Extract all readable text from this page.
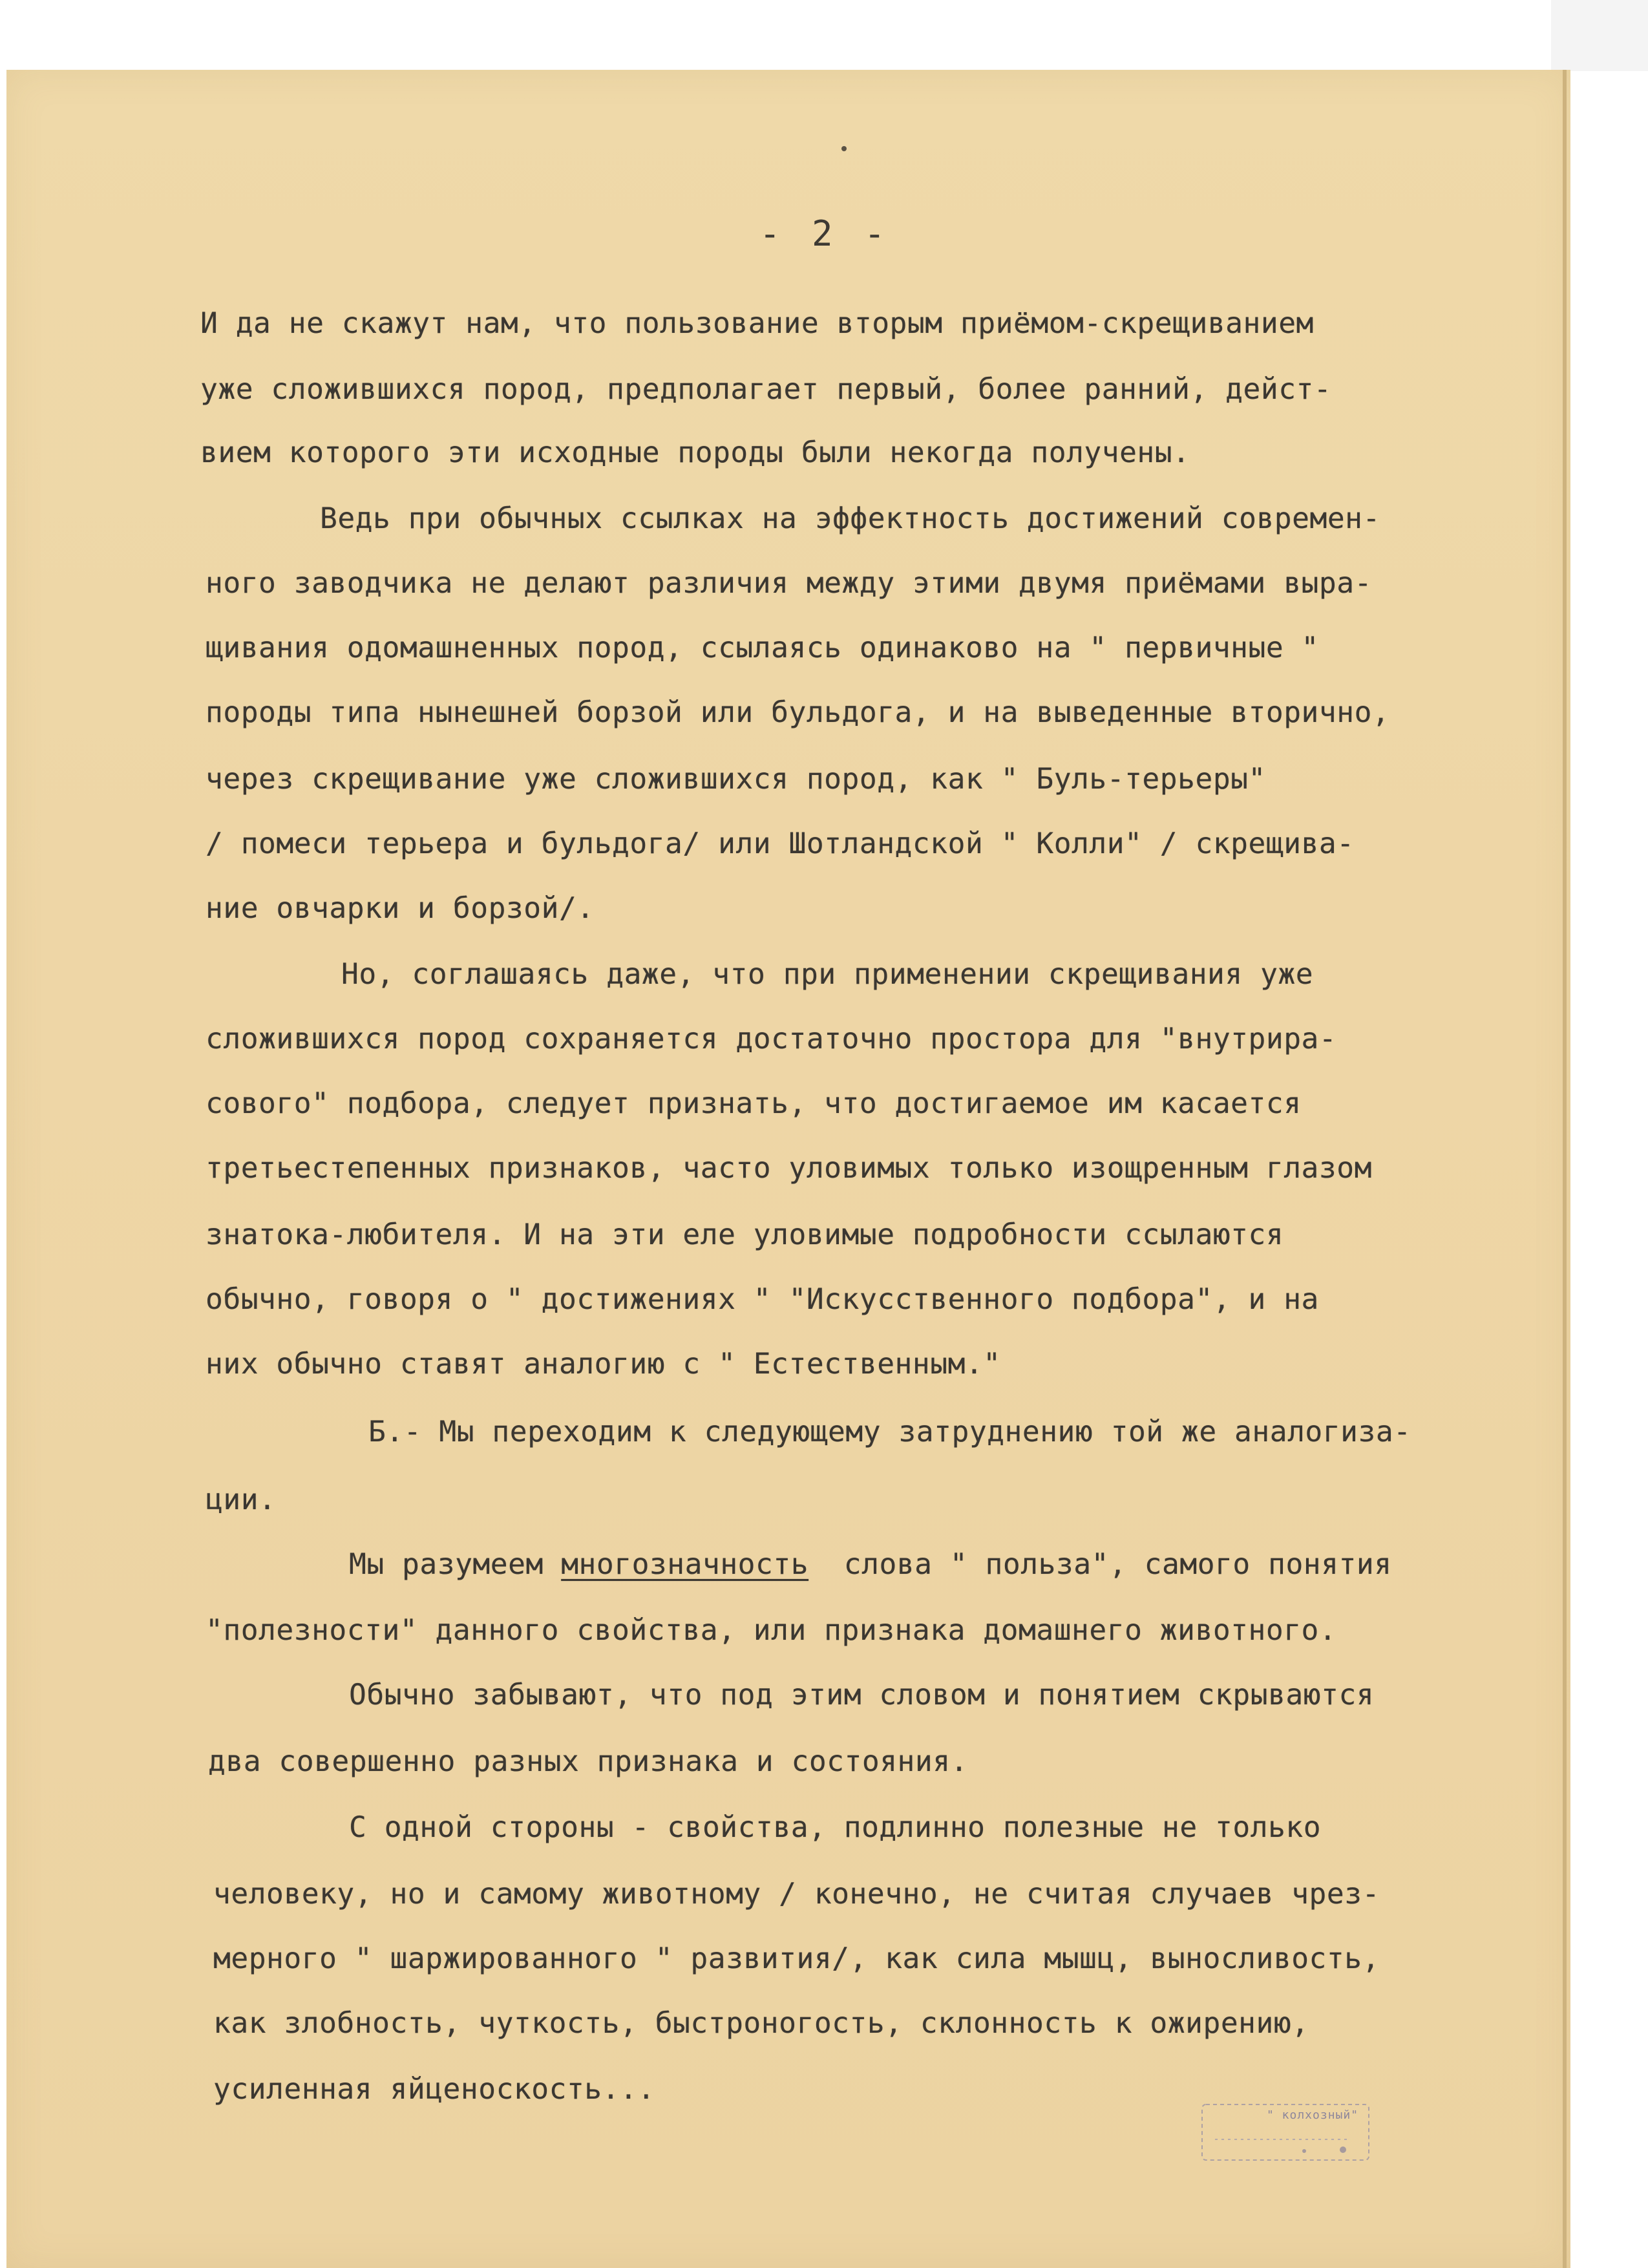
- 2 -
И да не скажут нам, что пользование вторым приёмом-скрещиванием
уже сложившихся пород, предполагает первый, более ранний, дейст-
вием которого эти исходные породы были некогда получены.
Ведь при обычных ссылках на эффектность достижений современ-
ного заводчика не делают различия между этими двумя приёмами выра-
щивания одомашненных пород, ссылаясь одинаково на " первичные "
породы типа нынешней борзой или бульдога, и на выведенные вторично,
через скрещивание уже сложившихся пород, как " Буль-терьеры"
/ помеси терьера и бульдога/ или Шотландской " Колли" / скрещива-
ние овчарки и борзой/.
Но, соглашаясь даже, что при применении скрещивания уже
сложившихся пород сохраняется достаточно простора для "внутрира-
сового" подбора, следует признать, что достигаемое им касается
третьестепенных признаков, часто уловимых только изощренным глазом
знатока-любителя. И на эти еле уловимые подробности ссылаются
обычно, говоря о " достижениях " "Искусственного подбора", и на
них обычно ставят аналогию с " Естественным."
Б.- Мы переходим к следующему затруднению той же аналогиза-
ции.
Мы разумеем многозначность  слова " польза", самого понятия
"полезности" данного свойства, или признака домашнего животного.
Обычно забывают, что под этим словом и понятием скрываются
два совершенно разных признака и состояния.
С одной стороны - свойства, подлинно полезные не только
человеку, но и самому животному / конечно, не считая случаев чрез-
мерного " шаржированного " развития/, как сила мышц, выносливость,
как злобность, чуткость, быстроногость, склонность к ожирению,
усиленная яйценоскость...
" колхозный"
